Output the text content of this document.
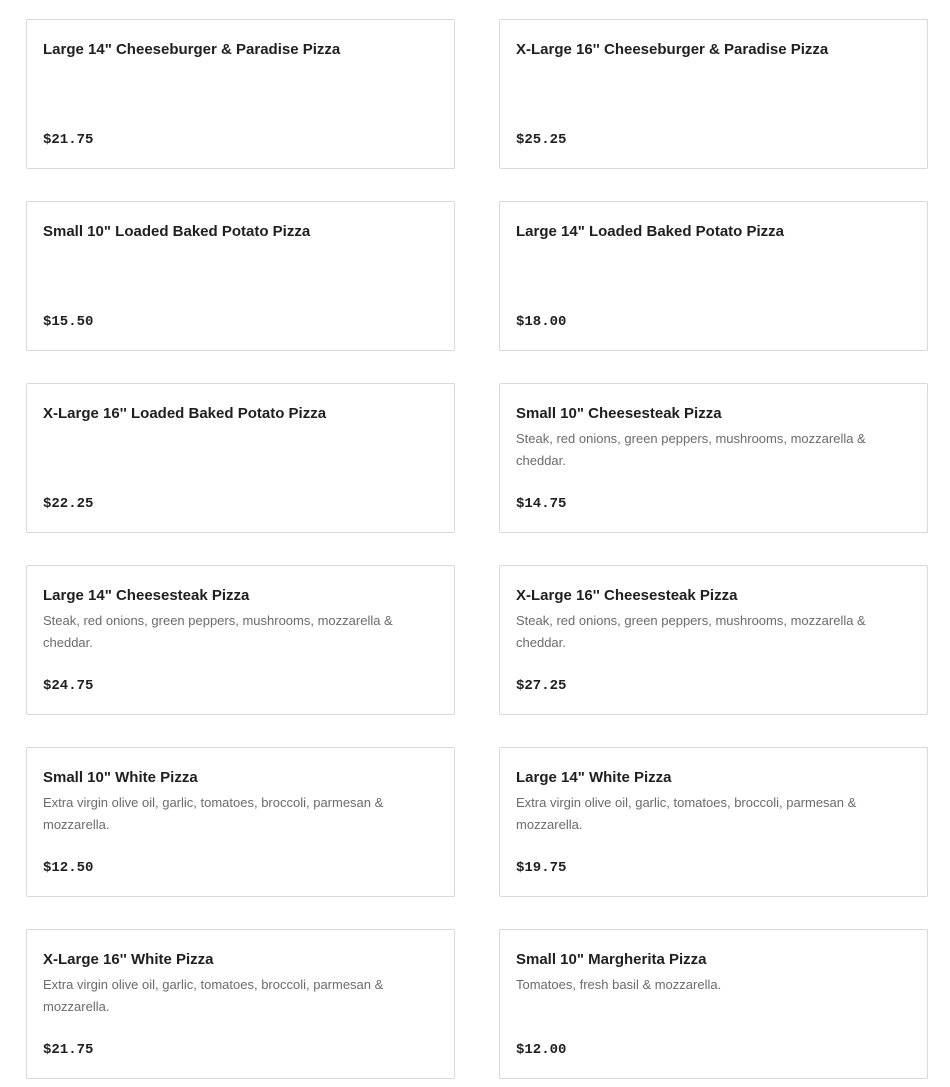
Large 14" Cheeseburger & Paradise Pizza
$21.75
X-Large 16'' Cheeseburger & Paradise Pizza
$25.25
Small 10" Loaded Baked Potato Pizza
$15.50
Large 14" Loaded Baked Potato Pizza
$18.00
X-Large 16'' Loaded Baked Potato Pizza
$22.25
Small 10" Cheesesteak Pizza
Steak, red onions, green peppers, mushrooms, mozzarella & cheddar.
$14.75
Large 14" Cheesesteak Pizza
Steak, red onions, green peppers, mushrooms, mozzarella & cheddar.
$24.75
X-Large 16'' Cheesesteak Pizza
Steak, red onions, green peppers, mushrooms, mozzarella & cheddar.
$27.25
Small 10" White Pizza
Extra virgin olive oil, garlic, tomatoes, broccoli, parmesan & mozzarella.
$12.50
Large 14" White Pizza
Extra virgin olive oil, garlic, tomatoes, broccoli, parmesan & mozzarella.
$19.75
X-Large 16'' White Pizza
Extra virgin olive oil, garlic, tomatoes, broccoli, parmesan & mozzarella.
$21.75
Small 10" Margherita Pizza
Tomatoes, fresh basil & mozzarella.
$12.00
